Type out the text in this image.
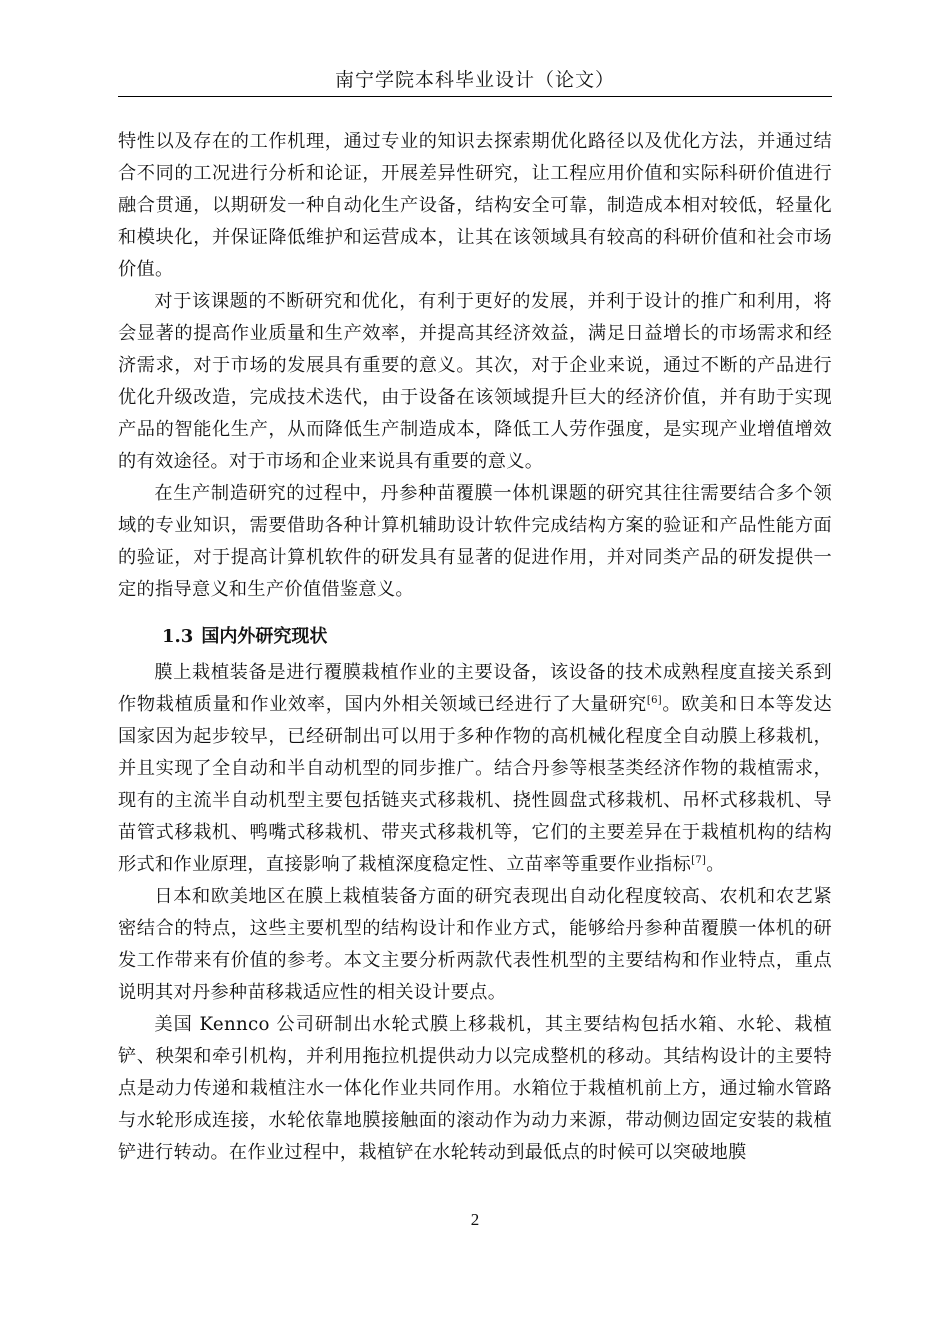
南宁学院本科毕业设计（论文）

特性以及存在的工作机理，通过专业的知识去探索期优化路径以及优化方法，并通过结合不同的工况进行分析和论证，开展差异性研究，让工程应用价值和实际科研价值进行融合贯通，以期研发一种自动化生产设备，结构安全可靠，制造成本相对较低，轻量化和模块化，并保证降低维护和运营成本，让其在该领域具有较高的科研价值和社会市场价值。

对于该课题的不断研究和优化，有利于更好的发展，并利于设计的推广和利用，将会显著的提高作业质量和生产效率，并提高其经济效益，满足日益增长的市场需求和经济需求，对于市场的发展具有重要的意义。其次，对于企业来说，通过不断的产品进行优化升级改造，完成技术迭代，由于设备在该领域提升巨大的经济价值，并有助于实现产品的智能化生产，从而降低生产制造成本，降低工人劳作强度，是实现产业增值增效的有效途径。对于市场和企业来说具有重要的意义。

在生产制造研究的过程中，丹参种苗覆膜一体机课题的研究其往往需要结合多个领域的专业知识，需要借助各种计算机辅助设计软件完成结构方案的验证和产品性能方面的验证，对于提高计算机软件的研发具有显著的促进作用，并对同类产品的研发提供一定的指导意义和生产价值借鉴意义。

1.3 国内外研究现状

膜上栽植装备是进行覆膜栽植作业的主要设备，该设备的技术成熟程度直接关系到作物栽植质量和作业效率，国内外相关领域已经进行了大量研究[6]。欧美和日本等发达国家因为起步较早，已经研制出可以用于多种作物的高机械化程度全自动膜上移栽机，并且实现了全自动和半自动机型的同步推广。结合丹参等根茎类经济作物的栽植需求，现有的主流半自动机型主要包括链夹式移栽机、挠性圆盘式移栽机、吊杯式移栽机、导苗管式移栽机、鸭嘴式移栽机、带夹式移栽机等，它们的主要差异在于栽植机构的结构形式和作业原理，直接影响了栽植深度稳定性、立苗率等重要作业指标[7]。

日本和欧美地区在膜上栽植装备方面的研究表现出自动化程度较高、农机和农艺紧密结合的特点，这些主要机型的结构设计和作业方式，能够给丹参种苗覆膜一体机的研发工作带来有价值的参考。本文主要分析两款代表性机型的主要结构和作业特点，重点说明其对丹参种苗移栽适应性的相关设计要点。

美国 Kennco 公司研制出水轮式膜上移栽机，其主要结构包括水箱、水轮、栽植铲、秧架和牵引机构，并利用拖拉机提供动力以完成整机的移动。其结构设计的主要特点是动力传递和栽植注水一体化作业共同作用。水箱位于栽植机前上方，通过输水管路与水轮形成连接，水轮依靠地膜接触面的滚动作为动力来源，带动侧边固定安装的栽植铲进行转动。在作业过程中，栽植铲在水轮转动到最低点的时候可以突破地膜

2
